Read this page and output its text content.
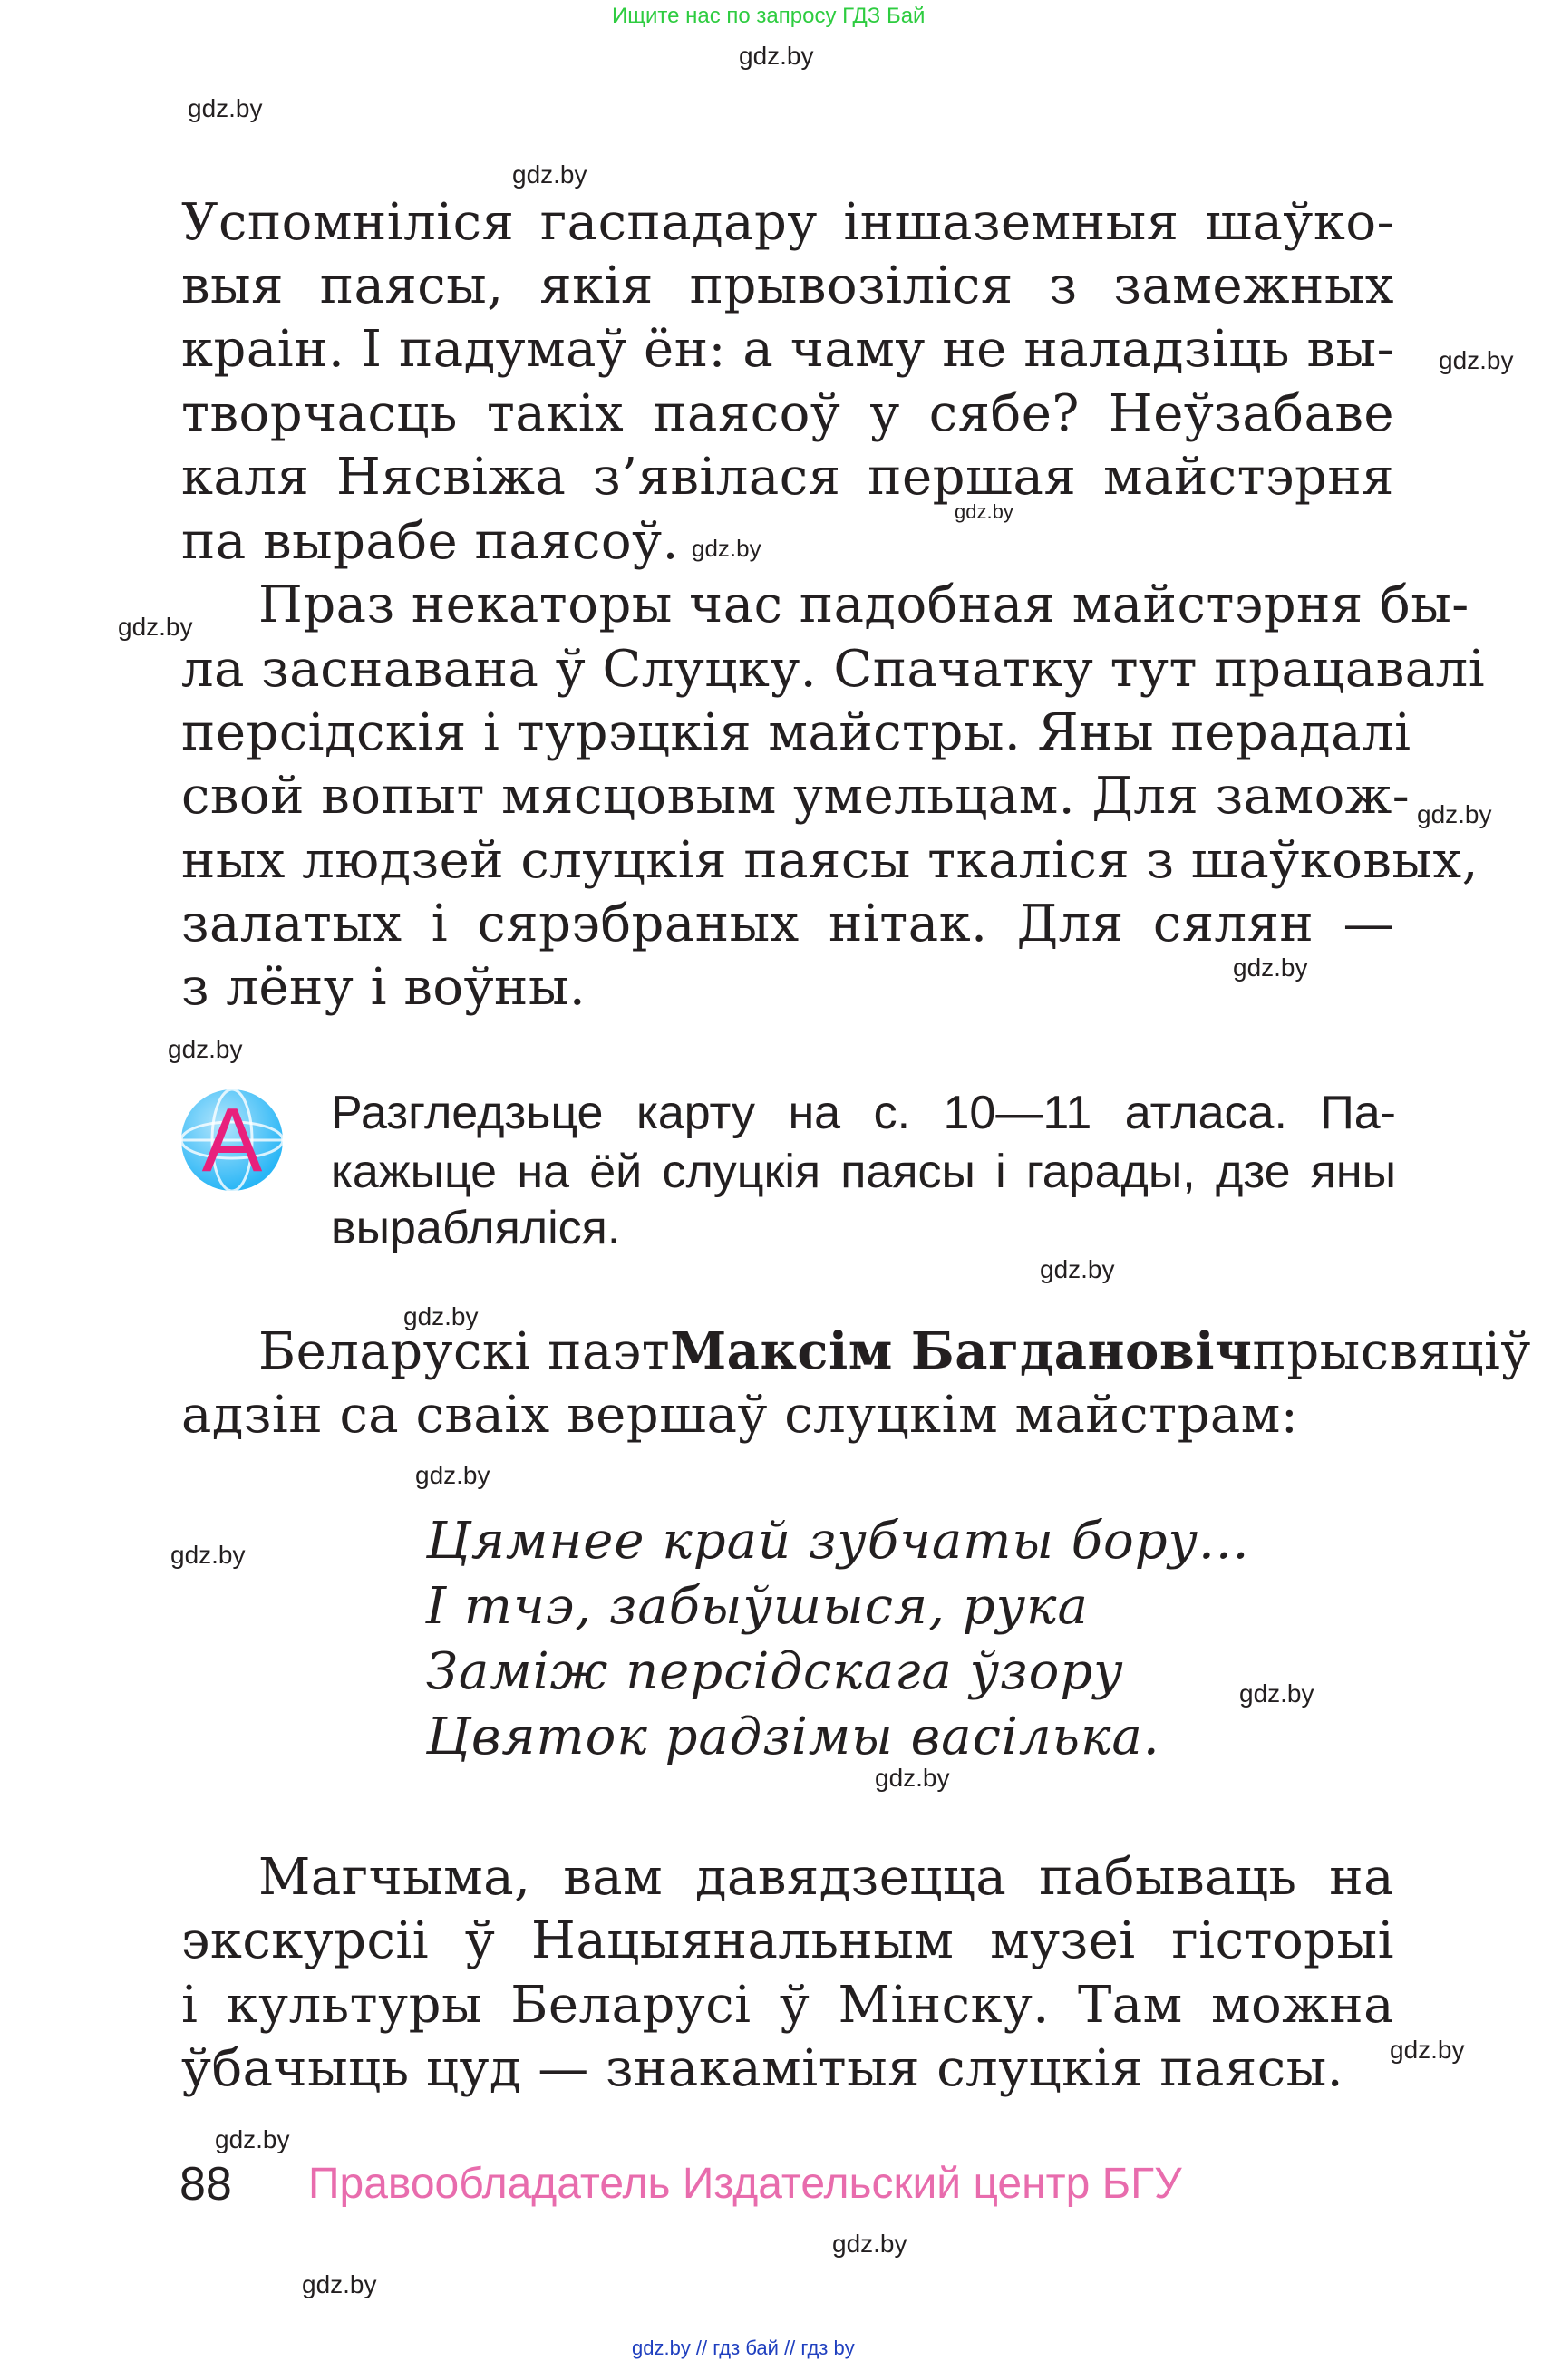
Ищите нас по запросу ГДЗ Бай
gdz.by
gdz.by
gdz.by
gdz.by
gdz.by
gdz.by
gdz.by
gdz.by
gdz.by
gdz.by
gdz.by
gdz.by
gdz.by
gdz.by
gdz.by
gdz.by
gdz.by
gdz.by
gdz.by
gdz.by
Успомніліся гаспадару іншаземныя шаўко-
выя паясы, якія прывозіліся з замежных
краін. І падумаў ён: а чаму не наладзіць вы-
творчасць такіх паясоў у сябе? Неўзабаве
каля Нясвіжа з’явілася першая майстэрня
па вырабе паясоў.
Праз некаторы час падобная майстэрня бы-
ла заснавана ў Слуцку. Спачатку тут працавалі
персідскія і турэцкія майстры. Яны перадалі
свой вопыт мясцовым умельцам. Для замож-
ных людзей слуцкія паясы ткаліся з шаўковых,
залатых і сярэбраных нітак. Для сялян —
з лёну і воўны.
А	Разгледзьце карту на с. 10—11 атласа. Па-
кажыце на ёй слуцкія паясы і гарады, дзе яны
выраблялiся.
Беларускі паэт Максім Багдановіч прысвяціў
адзін са сваіх вершаў слуцкім майстрам:
Цямнее край зубчаты бору...
І тчэ, забыўшыся, рука
Заміж персідскага ўзору
Цвяток радзімы васілька.
Магчыма, вам давядзецца пабываць на
экскурсіі ў Нацыянальным музеі гісторыі
і культуры Беларусі ў Мінску. Там можна
ўбачыць цуд — знакамітыя слуцкія паясы.
88 Правообладатель Издательский центр БГУ
gdz.by // гдз бай // гдз by
